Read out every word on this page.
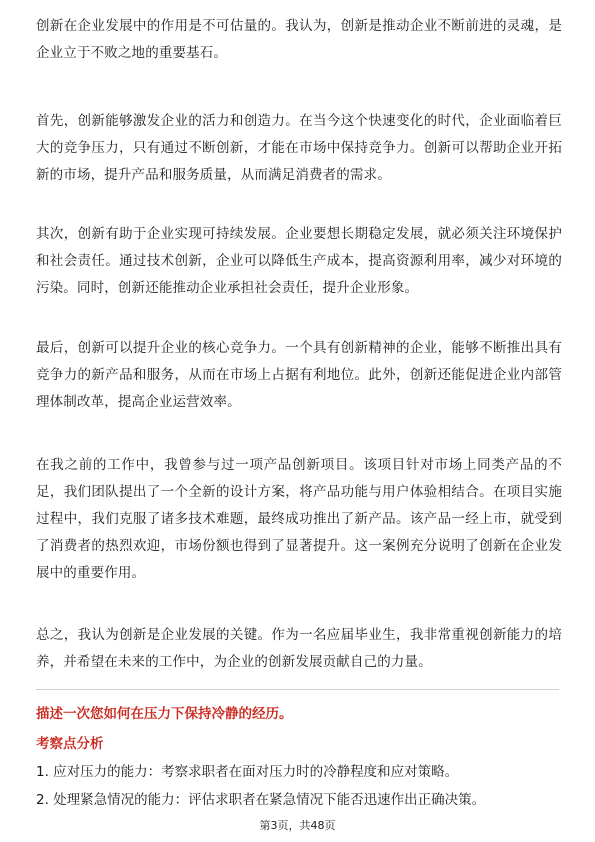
创新在企业发展中的作用是不可估量的。我认为，创新是推动企业不断前进的灵魂，是企业立于不败之地的重要基石。

首先，创新能够激发企业的活力和创造力。在当今这个快速变化的时代，企业面临着巨大的竞争压力，只有通过不断创新，才能在市场中保持竞争力。创新可以帮助企业开拓新的市场，提升产品和服务质量，从而满足消费者的需求。

其次，创新有助于企业实现可持续发展。企业要想长期稳定发展，就必须关注环境保护和社会责任。通过技术创新，企业可以降低生产成本，提高资源利用率，减少对环境的污染。同时，创新还能推动企业承担社会责任，提升企业形象。

最后，创新可以提升企业的核心竞争力。一个具有创新精神的企业，能够不断推出具有竞争力的新产品和服务，从而在市场上占据有利地位。此外，创新还能促进企业内部管理体制改革，提高企业运营效率。

在我之前的工作中，我曾参与过一项产品创新项目。该项目针对市场上同类产品的不足，我们团队提出了一个全新的设计方案，将产品功能与用户体验相结合。在项目实施过程中，我们克服了诸多技术难题，最终成功推出了新产品。该产品一经上市，就受到了消费者的热烈欢迎，市场份额也得到了显著提升。这一案例充分说明了创新在企业发展中的重要作用。

总之，我认为创新是企业发展的关键。作为一名应届毕业生，我非常重视创新能力的培养，并希望在未来的工作中，为企业的创新发展贡献自己的力量。

描述一次您如何在压力下保持冷静的经历。
考察点分析

1. 应对压力的能力：考察求职者在面对压力时的冷静程度和应对策略。

2. 处理紧急情况的能力：评估求职者在紧急情况下能否迅速作出正确决策。

第3页，共48页
